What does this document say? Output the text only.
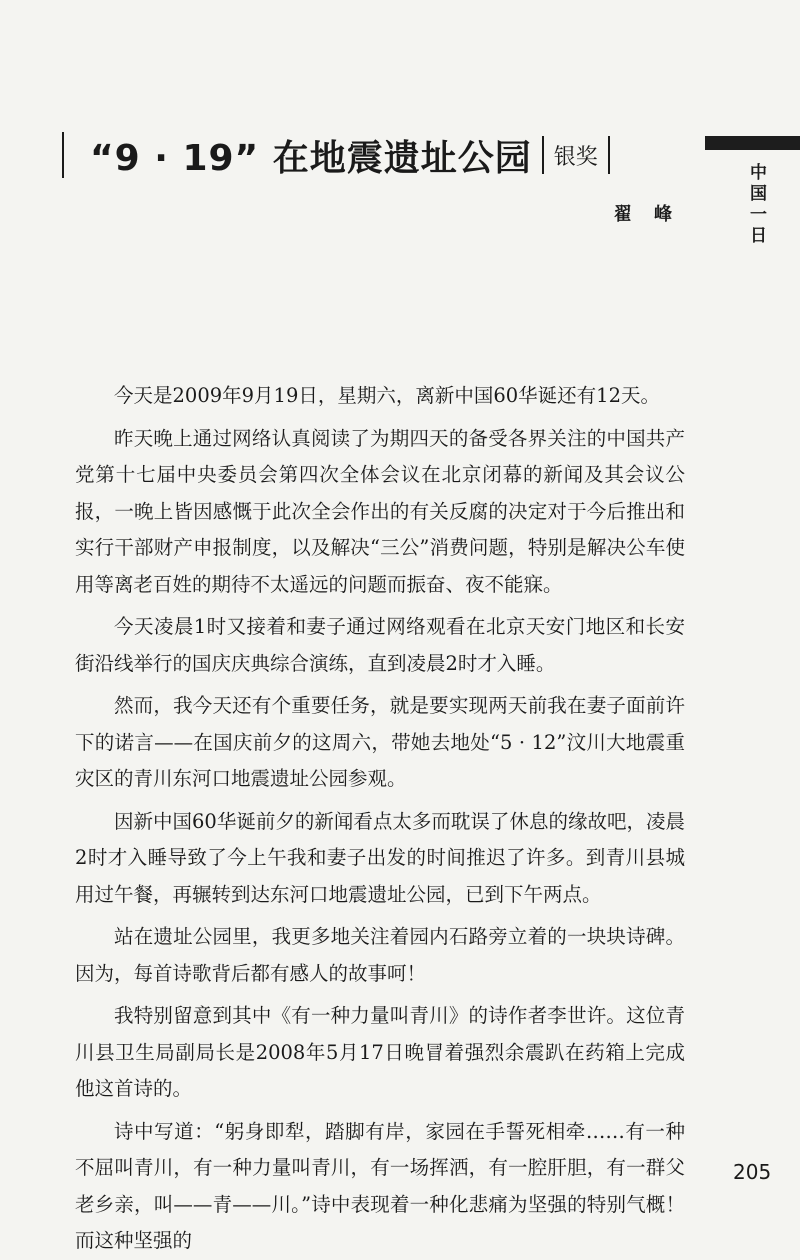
“9 · 19” 在地震遗址公园 银奖
中国一日
翟 峰

今天是2009年9月19日，星期六，离新中国60华诞还有12天。

昨天晚上通过网络认真阅读了为期四天的备受各界关注的中国共产党第十七届中央委员会第四次全体会议在北京闭幕的新闻及其会议公报，一晚上皆因感慨于此次全会作出的有关反腐的决定对于今后推出和实行干部财产申报制度，以及解决“三公”消费问题，特别是解决公车使用等离老百姓的期待不太遥远的问题而振奋、夜不能寐。

今天凌晨1时又接着和妻子通过网络观看在北京天安门地区和长安街沿线举行的国庆庆典综合演练，直到凌晨2时才入睡。

然而，我今天还有个重要任务，就是要实现两天前我在妻子面前许下的诺言——在国庆前夕的这周六，带她去地处“5 · 12”汶川大地震重灾区的青川东河口地震遗址公园参观。

因新中国60华诞前夕的新闻看点太多而耽误了休息的缘故吧，凌晨2时才入睡导致了今上午我和妻子出发的时间推迟了许多。到青川县城用过午餐，再辗转到达东河口地震遗址公园，已到下午两点。

站在遗址公园里，我更多地关注着园内石路旁立着的一块块诗碑。因为，每首诗歌背后都有感人的故事呵！

我特别留意到其中《有一种力量叫青川》的诗作者李世许。这位青川县卫生局副局长是2008年5月17日晚冒着强烈余震趴在药箱上完成他这首诗的。

诗中写道：“躬身即犁，踏脚有岸，家园在手誓死相牵……有一种不屈叫青川，有一种力量叫青川，有一场挥洒，有一腔肝胆，有一群父老乡亲，叫——青——川。”诗中表现着一种化悲痛为坚强的特别气概！而这种坚强的

205
